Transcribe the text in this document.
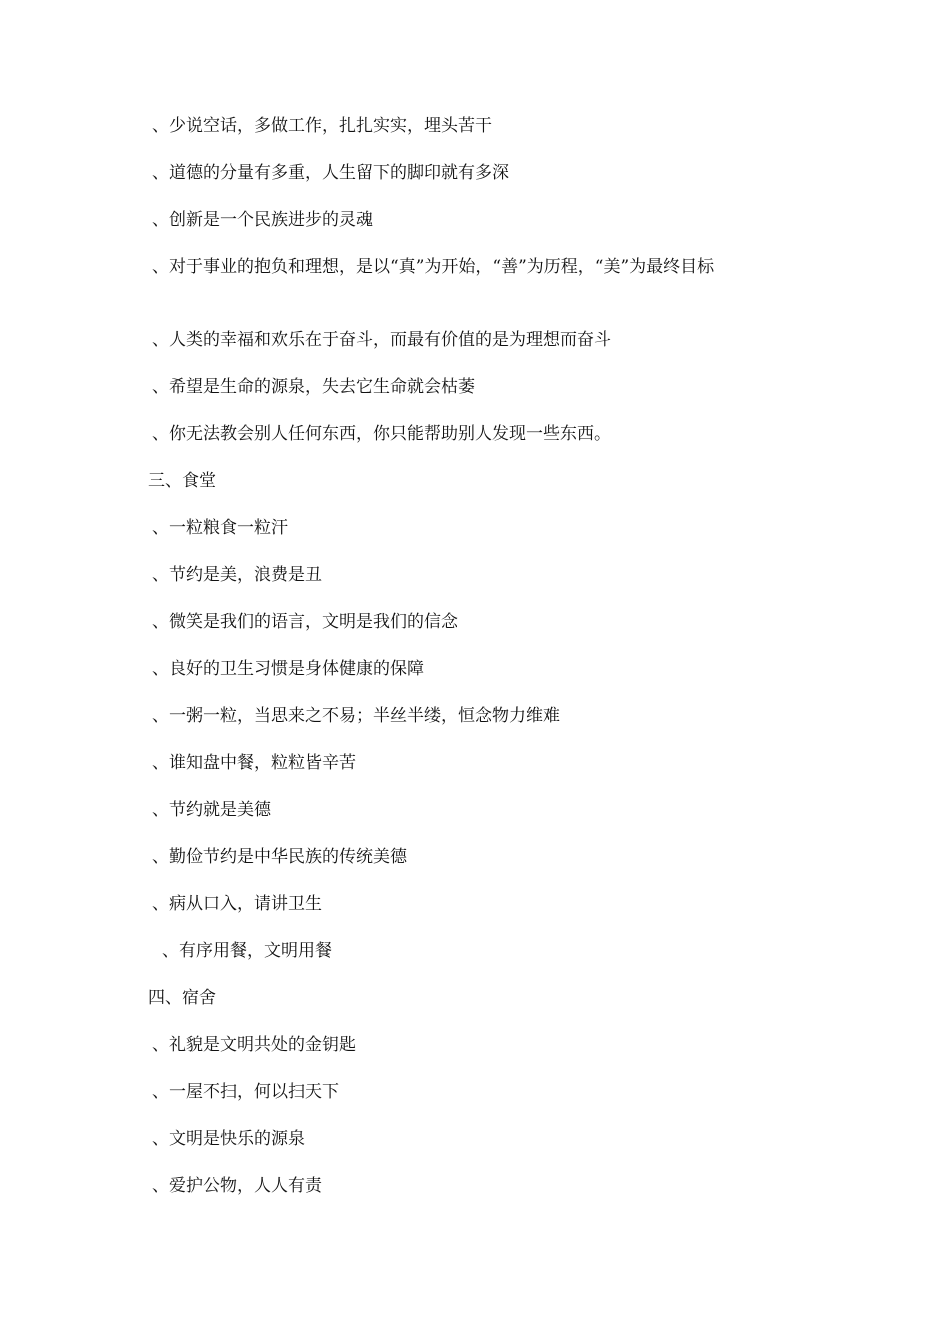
、少说空话，多做工作，扎扎实实，埋头苦干
、道德的分量有多重，人生留下的脚印就有多深
、创新是一个民族进步的灵魂
、对于事业的抱负和理想，是以“真”为开始，“善”为历程，“美”为最终目标
、人类的幸福和欢乐在于奋斗，而最有价值的是为理想而奋斗
、希望是生命的源泉，失去它生命就会枯萎
、你无法教会别人任何东西，你只能帮助别人发现一些东西。
三、食堂
、一粒粮食一粒汗
、节约是美，浪费是丑
、微笑是我们的语言，文明是我们的信念
、良好的卫生习惯是身体健康的保障
、一粥一粒，当思来之不易；半丝半缕，恒念物力维难
、谁知盘中餐，粒粒皆辛苦
、节约就是美德
、勤俭节约是中华民族的传统美德
、病从口入，请讲卫生
、有序用餐，文明用餐
四、宿舍
、礼貌是文明共处的金钥匙
、一屋不扫，何以扫天下
、文明是快乐的源泉
、爱护公物，人人有责
